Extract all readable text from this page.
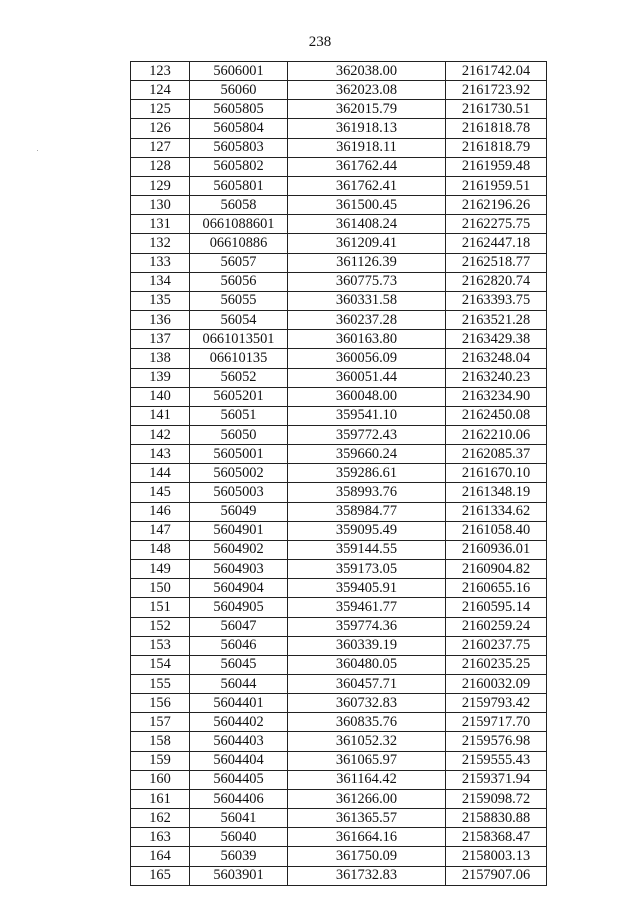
238
123	5606001	362038.00	2161742.04
124	56060	362023.08	2161723.92
125	5605805	362015.79	2161730.51
126	5605804	361918.13	2161818.78
127	5605803	361918.11	2161818.79
128	5605802	361762.44	2161959.48
129	5605801	361762.41	2161959.51
130	56058	361500.45	2162196.26
131	0661088601	361408.24	2162275.75
132	06610886	361209.41	2162447.18
133	56057	361126.39	2162518.77
134	56056	360775.73	2162820.74
135	56055	360331.58	2163393.75
136	56054	360237.28	2163521.28
137	0661013501	360163.80	2163429.38
138	06610135	360056.09	2163248.04
139	56052	360051.44	2163240.23
140	5605201	360048.00	2163234.90
141	56051	359541.10	2162450.08
142	56050	359772.43	2162210.06
143	5605001	359660.24	2162085.37
144	5605002	359286.61	2161670.10
145	5605003	358993.76	2161348.19
146	56049	358984.77	2161334.62
147	5604901	359095.49	2161058.40
148	5604902	359144.55	2160936.01
149	5604903	359173.05	2160904.82
150	5604904	359405.91	2160655.16
151	5604905	359461.77	2160595.14
152	56047	359774.36	2160259.24
153	56046	360339.19	2160237.75
154	56045	360480.05	2160235.25
155	56044	360457.71	2160032.09
156	5604401	360732.83	2159793.42
157	5604402	360835.76	2159717.70
158	5604403	361052.32	2159576.98
159	5604404	361065.97	2159555.43
160	5604405	361164.42	2159371.94
161	5604406	361266.00	2159098.72
162	56041	361365.57	2158830.88
163	56040	361664.16	2158368.47
164	56039	361750.09	2158003.13
165	5603901	361732.83	2157907.06
